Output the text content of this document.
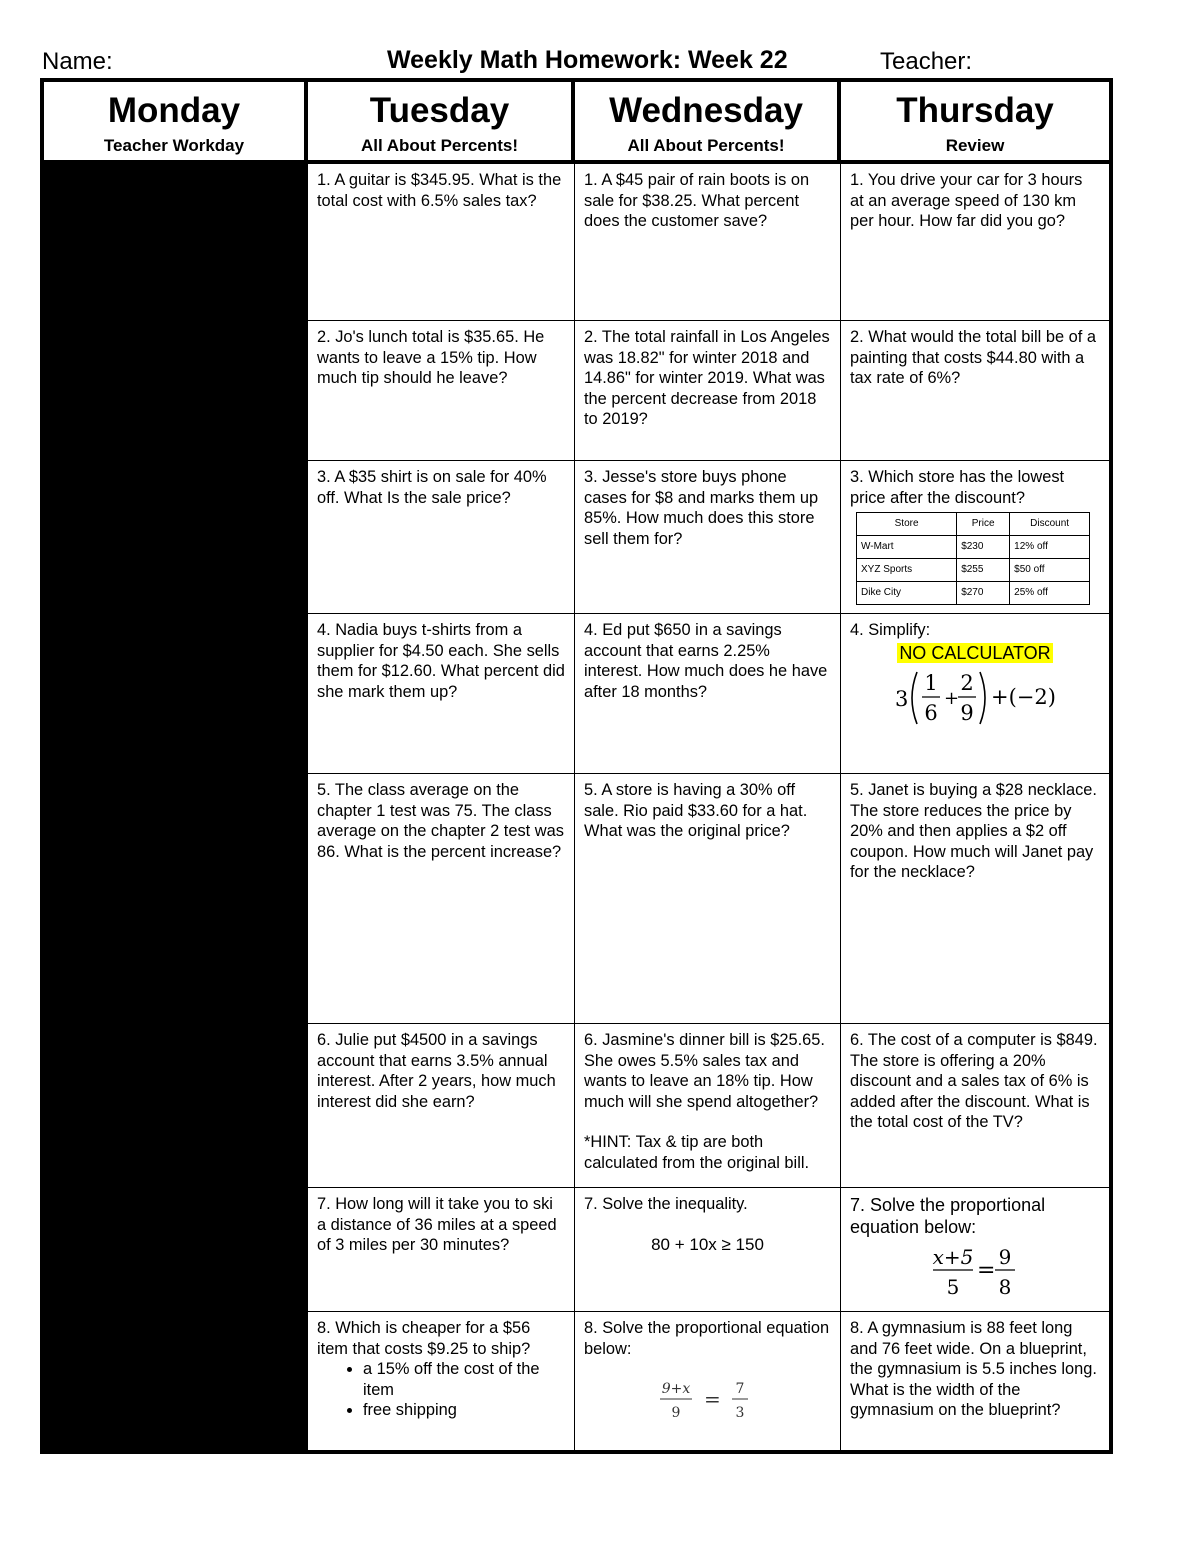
Name:	Weekly Math Homework: Week 22	Teacher:
Monday
Teacher Workday
Tuesday
All About Percents!
Wednesday
All About Percents!
Thursday
Review

1. A guitar is $345.95. What is the total cost with 6.5% sales tax?

1. A $45 pair of rain boots is on sale for $38.25. What percent does the customer save?

1. You drive your car for 3 hours at an average speed of 130 km per hour. How far did you go?

2. Jo's lunch total is $35.65. He wants to leave a 15% tip. How much tip should he leave?

2. The total rainfall in Los Angeles was 18.82" for winter 2018 and 14.86" for winter 2019. What was the percent decrease from 2018 to 2019?

2. What would the total bill be of a painting that costs $44.80 with a tax rate of 6%?

3. A $35 shirt is on sale for 40% off. What Is the sale price?

3. Jesse's store buys phone cases for $8 and marks them up 85%. How much does this store sell them for?

3. Which store has the lowest price after the discount?

Store	Price	Discount
W-Mart	$230	12% off
XYZ Sports	$255	$50 off
Dike City	$270	25% off

4. Nadia buys t-shirts from a supplier for $4.50 each. She sells them for $12.60. What percent did she mark them up?

4. Ed put $650 in a savings account that earns 2.25% interest. How much does he have after 18 months?

4. Simplify:

NO CALCULATOR
3
1
6
+
2
9
+(−2)

5. The class average on the chapter 1 test was 75. The class average on the chapter 2 test was 86. What is the percent increase?

5. A store is having a 30% off sale. Rio paid $33.60 for a hat. What was the original price?

5. Janet is buying a $28 necklace. The store reduces the price by 20% and then applies a $2 off coupon. How much will Janet pay for the necklace?

6. Julie put $4500 in a savings account that earns 3.5% annual interest. After 2 years, how much interest did she earn?

6. Jasmine's dinner bill is $25.65. She owes 5.5% sales tax and wants to leave an 18% tip. How much will she spend altogether?

*HINT: Tax & tip are both calculated from the original bill.

6. The cost of a computer is $849. The store is offering a 20% discount and a sales tax of 6% is added after the discount. What is the total cost of the TV?

7. How long will it take you to ski a distance of 36 miles at a speed of 3 miles per 30 minutes?

7. Solve the inequality.

80 + 10x ≥ 150

7. Solve the proportional equation below:

x+5
5
=
9
8

8. Which is cheaper for a $56 item that costs $9.25 to ship?

• a 15% off the cost of the item
• free shipping

8. Solve the proportional equation below:

9+x
9
= 7
3

8. A gymnasium is 88 feet long and 76 feet wide. On a blueprint, the gymnasium is 5.5 inches long. What is the width of the gymnasium on the blueprint?
